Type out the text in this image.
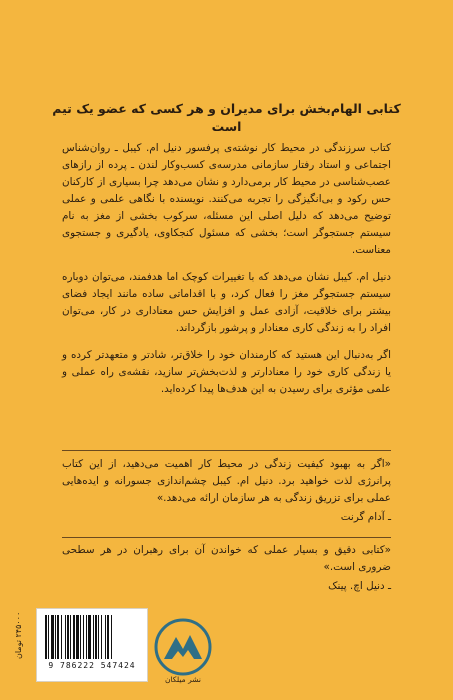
کتابی الهام‌بخش برای مدیران و هر کسی که عضو یک تیم است

کتاب سرزندگی در محیط کار نوشته‌ی پرفسور دنیل ام. کیبل ـ روان‌شناس اجتماعی و استاد رفتار سازمانی مدرسه‌ی کسب‌وکار لندن ـ پرده از رازهای عصب‌شناسی در محیط کار برمی‌دارد و نشان می‌دهد چرا بسیاری از کارکنان حس رکود و بی‌انگیزگی را تجربه می‌کنند. نویسنده با نگاهی علمی و عملی توضیح می‌دهد که دلیل اصلی این مسئله، سرکوب بخشی از مغز به نام سیستم جستجوگر است؛ بخشی که مسئول کنجکاوی، یادگیری و جستجوی معناست.

دنیل ام. کیبل نشان می‌دهد که با تغییرات کوچک اما هدفمند، می‌توان دوباره سیستم جستجوگر مغز را فعال کرد، و با اقداماتی ساده مانند ایجاد فضای بیشتر برای خلاقیت، آزادی عمل و افزایش حس معناداری در کار، می‌توان افراد را به زندگی کاری معنادار و پرشور بازگرداند.

اگر به‌دنبال این هستید که کارمندان خود را خلاق‌تر، شادتر و متعهدتر کرده و یا زندگی کاری خود را معنادارتر و لذت‌بخش‌تر سازید، نقشه‌ی راه عملی و علمی مؤثری برای رسیدن به این هدف‌ها پیدا کرده‌اید.

«اگر به بهبود کیفیت زندگی در محیط کار اهمیت می‌دهید، از این کتاب پرانرژی لذت خواهید برد. دنیل ام. کیبل چشم‌اندازی جسورانه و ایده‌هایی عملی برای تزریق زندگی به هر سازمان ارائه می‌دهد.»

ـ آدام گرنت

«کتابی دقیق و بسیار عملی که خواندن آن برای رهبران در هر سطحی ضروری است.»

ـ دنیل اچ. پینک

۲۴۵۰۰۰ تومان
9 786222 547424
نشر میلکان
